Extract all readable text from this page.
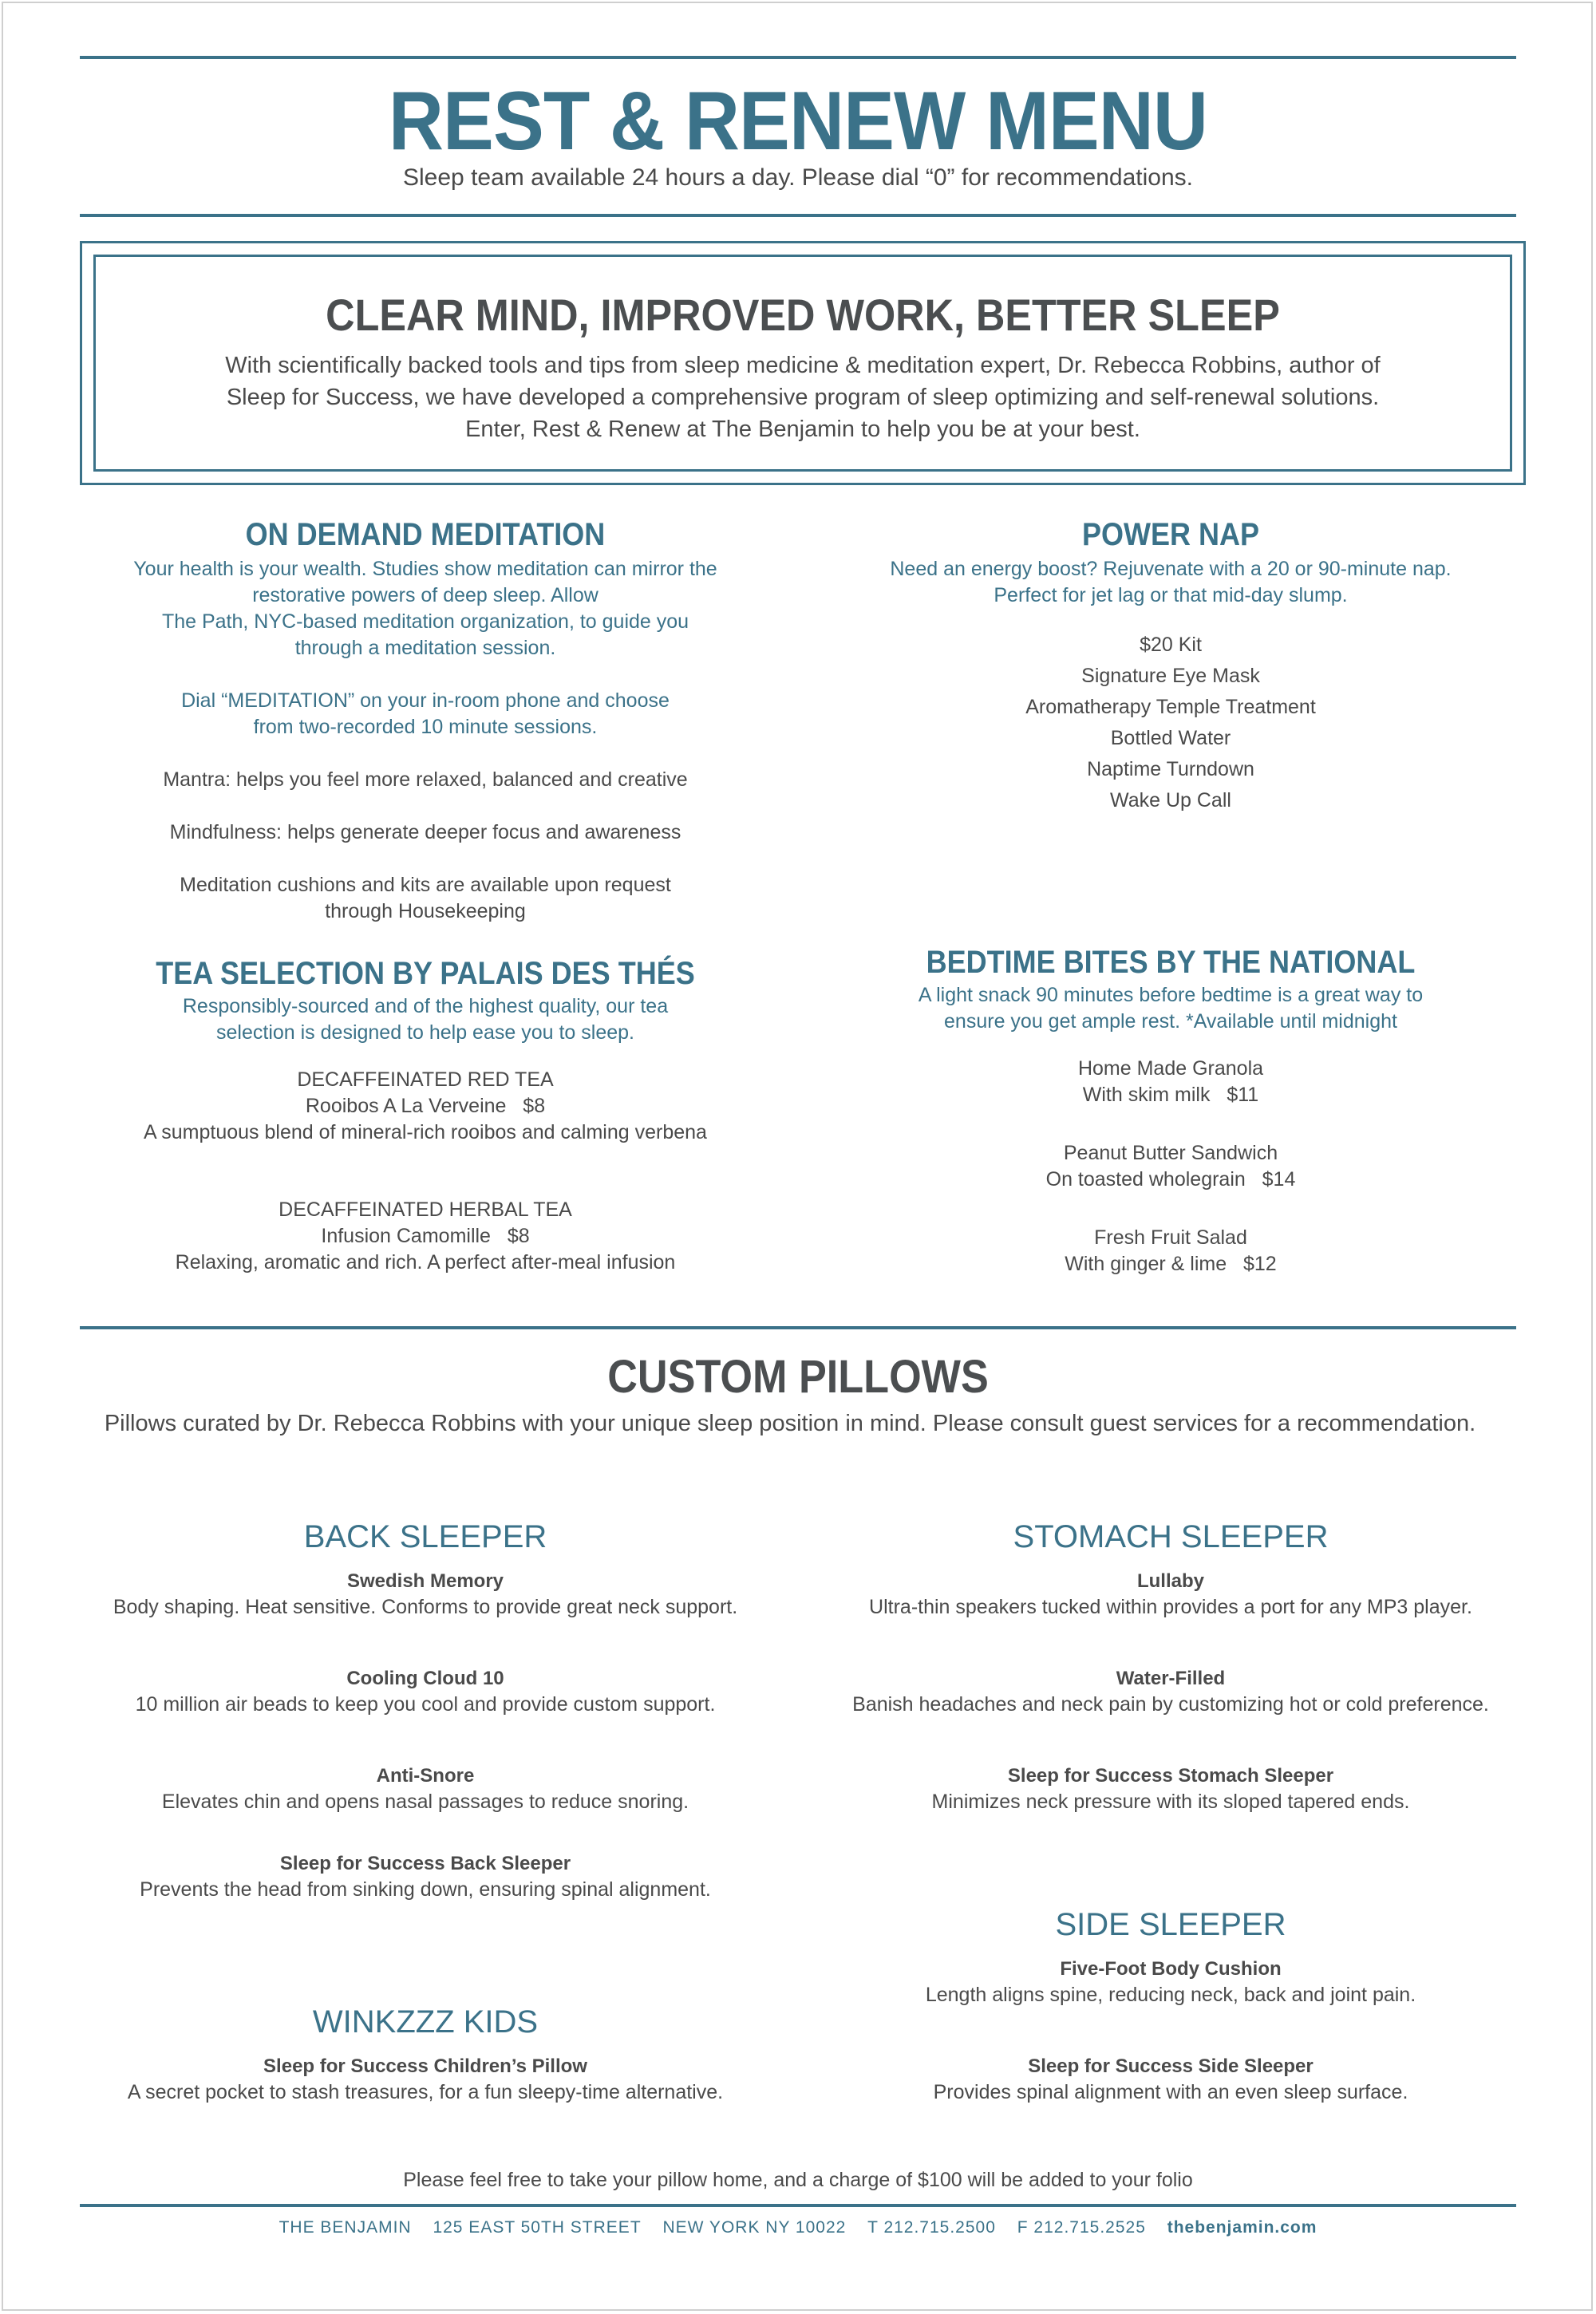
REST & RENEW MENU
Sleep team available 24 hours a day. Please dial “0” for recommendations.
CLEAR MIND, IMPROVED WORK, BETTER SLEEP
With scientifically backed tools and tips from sleep medicine & meditation expert, Dr. Rebecca Robbins, author of
Sleep for Success, we have developed a comprehensive program of sleep optimizing and self-renewal solutions.
Enter, Rest & Renew at The Benjamin to help you be at your best.
ON DEMAND MEDITATION
Your health is your wealth. Studies show meditation can mirror the
restorative powers of deep sleep. Allow
The Path, NYC-based meditation organization, to guide you
through a meditation session.
Dial “MEDITATION” on your in-room phone and choose
from two-recorded 10 minute sessions.
Mantra: helps you feel more relaxed, balanced and creative
Mindfulness: helps generate deeper focus and awareness
Meditation cushions and kits are available upon request
through Housekeeping
POWER NAP
Need an energy boost? Rejuvenate with a 20 or 90-minute nap.
Perfect for jet lag or that mid-day slump.
$20 Kit
Signature Eye Mask
Aromatherapy Temple Treatment
Bottled Water
Naptime Turndown
Wake Up Call
TEA SELECTION BY PALAIS DES THÉS
Responsibly-sourced and of the highest quality, our tea
selection is designed to help ease you to sleep.
DECAFFEINATED RED TEA
Rooibos A La Verveine $8
A sumptuous blend of mineral-rich rooibos and calming verbena
DECAFFEINATED HERBAL TEA
Infusion Camomille $8
Relaxing, aromatic and rich. A perfect after-meal infusion
BEDTIME BITES BY THE NATIONAL
A light snack 90 minutes before bedtime is a great way to
ensure you get ample rest. *Available until midnight
Home Made Granola
With skim milk $11
Peanut Butter Sandwich
On toasted wholegrain $14
Fresh Fruit Salad
With ginger & lime $12
CUSTOM PILLOWS
Pillows curated by Dr. Rebecca Robbins with your unique sleep position in mind. Please consult guest services for a recommendation.
BACK SLEEPER
Swedish Memory
Body shaping. Heat sensitive. Conforms to provide great neck support.
Cooling Cloud 10
10 million air beads to keep you cool and provide custom support.
Anti-Snore
Elevates chin and opens nasal passages to reduce snoring.
Sleep for Success Back Sleeper
Prevents the head from sinking down, ensuring spinal alignment.
STOMACH SLEEPER
Lullaby
Ultra-thin speakers tucked within provides a port for any MP3 player.
Water-Filled
Banish headaches and neck pain by customizing hot or cold preference.
Sleep for Success Stomach Sleeper
Minimizes neck pressure with its sloped tapered ends.
WINKZZZ KIDS
Sleep for Success Children’s Pillow
A secret pocket to stash treasures, for a fun sleepy-time alternative.
SIDE SLEEPER
Five-Foot Body Cushion
Length aligns spine, reducing neck, back and joint pain.
Sleep for Success Side Sleeper
Provides spinal alignment with an even sleep surface.
Please feel free to take your pillow home, and a charge of $100 will be added to your folio
THE BENJAMIN 125 EAST 50TH STREET NEW YORK NY 10022 T 212.715.2500 F 212.715.2525 thebenjamin.com
